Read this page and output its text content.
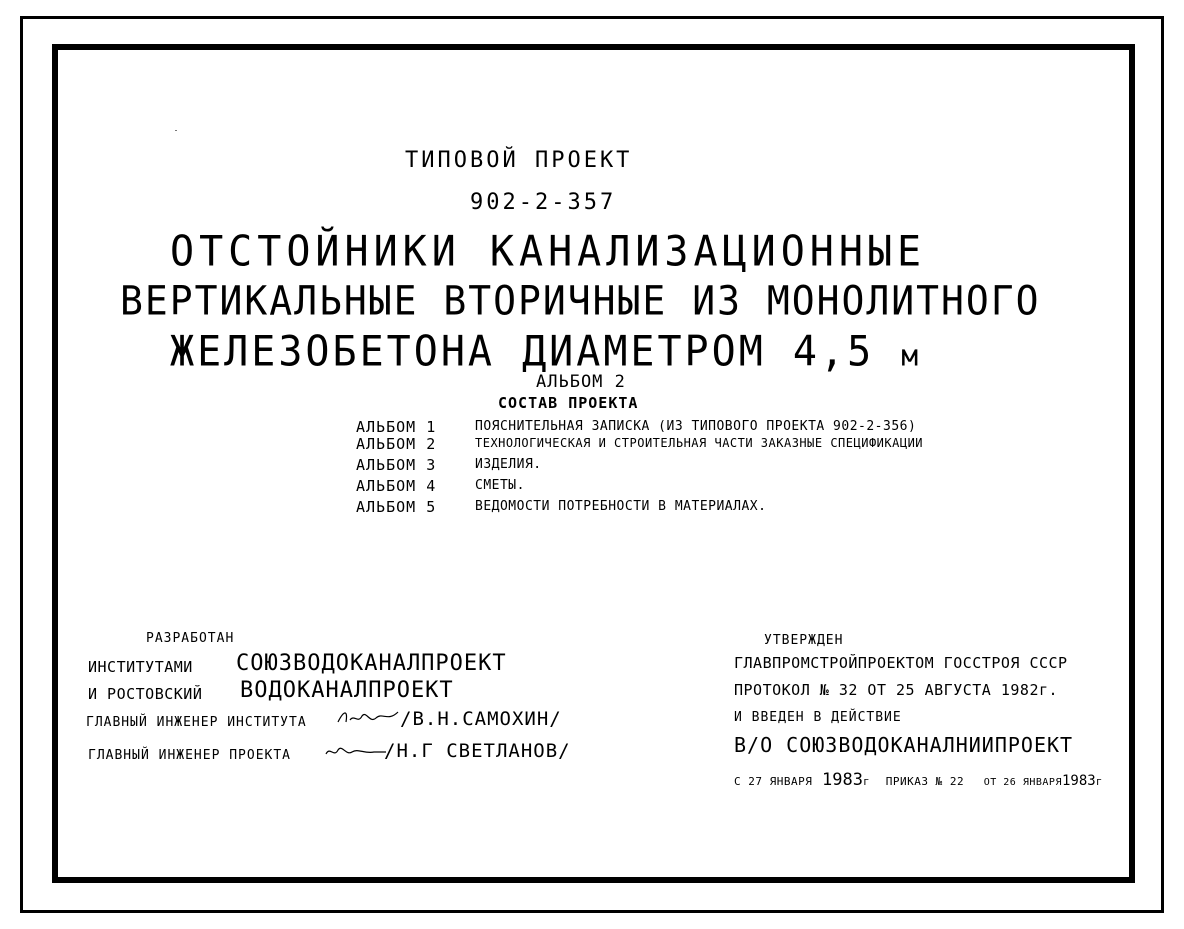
ТИПОВОЙ ПРОЕКТ
902-2-357
ОТСТОЙНИКИ КАНАЛИЗАЦИОННЫЕ
ВЕРТИКАЛЬНЫЕ ВТОРИЧНЫЕ ИЗ МОНОЛИТНОГО
ЖЕЛЕЗОБЕТОНА ДИАМЕТРОМ 4,5 м
АЛЬБОМ 2
СОСТАВ ПРОЕКТА
АЛЬБОМ 1	ПОЯСНИТЕЛЬНАЯ ЗАПИСКА (ИЗ ТИПОВОГО ПРОЕКТА 902-2-356)
АЛЬБОМ 2	ТЕХНОЛОГИЧЕСКАЯ И СТРОИТЕЛЬНАЯ ЧАСТИ ЗАКАЗНЫЕ СПЕЦИФИКАЦИИ
АЛЬБОМ 3	ИЗДЕЛИЯ.
АЛЬБОМ 4	СМЕТЫ.
АЛЬБОМ 5	ВЕДОМОСТИ ПОТРЕБНОСТИ В МАТЕРИАЛАХ.
РАЗРАБОТАН
ИНСТИТУТАМИ СОЮЗВОДОКАНАЛПРОЕКТ
И РОСТОВСКИЙ ВОДОКАНАЛПРОЕКТ
ГЛАВНЫЙ ИНЖЕНЕР ИНСТИТУТА	/В.Н.САМОХИН/
ГЛАВНЫЙ ИНЖЕНЕР ПРОЕКТА	/Н.Г СВЕТЛАНОВ/
УТВЕРЖДЕН
ГЛАВПРОМСТРОЙПРОЕКТОМ ГОССТРОЯ СССР
ПРОТОКОЛ № 32 ОТ 25 АВГУСТА 1982г.
И ВВЕДЕН В ДЕЙСТВИЕ
В/О СОЮЗВОДОКАНАЛНИИПРОЕКТ
С 27 ЯНВАРЯ 1983г ПРИКАЗ № 22 ОТ 26 ЯНВАРЯ1983г
